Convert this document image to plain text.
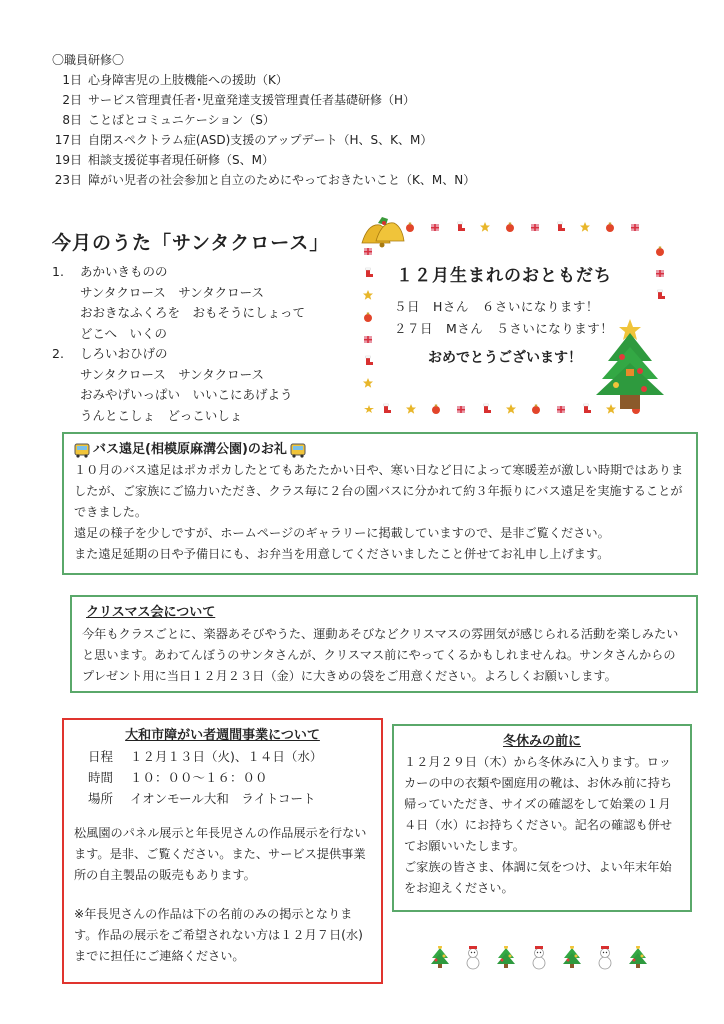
〇職員研修〇
1日 心身障害児の上肢機能への援助（K）
2日 サービス管理責任者･児童発達支援管理責任者基礎研修（H）
8日 ことばとコミュニケーション（S）
17日 自閉スペクトラム症(ASD)支援のアップデート（H、S、K、M）
19日 相談支援従事者現任研修（S、M）
23日 障がい児者の社会参加と自立のためにやっておきたいこと（K、M、N）
今月のうた「サンタクロース」
1. あかいきものの
サンタクロース　サンタクロース
おおきなふくろを　おもそうにしょって
どこへ　いくの
2. しろいおひげの
サンタクロース　サンタクロース
おみやげいっぱい　いいこにあげよう
うんとこしょ　どっこいしょ
１２月生まれのおともだち
５日　Hさん　６さいになります！
２７日　Mさん　５さいになります！
おめでとうございます！
バス遠足(相模原麻溝公園)のお礼

１０月のバス遠足はポカポカしたとてもあたたかい日や、寒い日など日によって寒暖差が激しい時期ではありましたが、ご家族にご協力いただき、クラス毎に２台の園バスに分かれて約３年振りにバス遠足を実施することができました。

遠足の様子を少しですが、ホームページのギャラリーに掲載していますので、是非ご覧ください。

また遠足延期の日や予備日にも、お弁当を用意してくださいましたこと併せてお礼申し上げます。

クリスマス会について

今年もクラスごとに、楽器あそびやうた、運動あそびなどクリスマスの雰囲気が感じられる活動を楽しみたいと思います。あわてんぼうのサンタさんが、クリスマス前にやってくるかもしれませんね。サンタさんからのプレゼント用に当日１２月２３日（金）に大きめの袋をご用意ください。よろしくお願いします。

大和市障がい者週間事業について
日程	１２月１３日（火)、１４日（水）
時間	１０：００～１６：００
場所	イオンモール大和　ライトコート

松風園のパネル展示と年長児さんの作品展示を行ないます。是非、ご覧ください。また、サービス提供事業所の自主製品の販売もあります。

※年長児さんの作品は下の名前のみの掲示となります。作品の展示をご希望されない方は１２月７日(水)までに担任にご連絡ください。

冬休みの前に

１２月２９日（木）から冬休みに入ります。ロッカーの中の衣類や園庭用の靴は、お休み前に持ち帰っていただき、サイズの確認をして始業の１月４日（水）にお持ちください。記名の確認も併せてお願いいたします。

ご家族の皆さま、体調に気をつけ、よい年末年始をお迎えください。
